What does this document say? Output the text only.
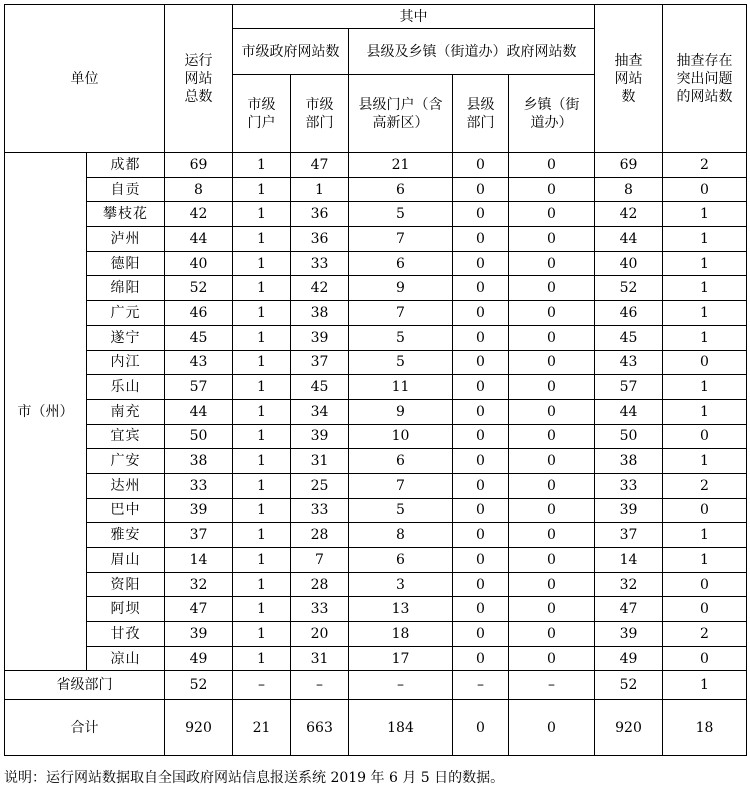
单位		运行网站总数	其中					抽查网站数	抽查存在突出问题的网站数

			市级政府网站数		县级及乡镇（街道办）政府网站数				

			市级门户	市级部门	县级门户（含高新区）	县级部门	乡镇（街道办）		

市（州）	成都	69	1	47	21	0	0	69	2
	自贡	8	1	1	6	0	0	8	0
	攀枝花	42	1	36	5	0	0	42	1
	泸州	44	1	36	7	0	0	44	1
	德阳	40	1	33	6	0	0	40	1
	绵阳	52	1	42	9	0	0	52	1
	广元	46	1	38	7	0	0	46	1
	遂宁	45	1	39	5	0	0	45	1
	内江	43	1	37	5	0	0	43	0
	乐山	57	1	45	11	0	0	57	1
	南充	44	1	34	9	0	0	44	1
	宜宾	50	1	39	10	0	0	50	0
	广安	38	1	31	6	0	0	38	1
	达州	33	1	25	7	0	0	33	2
	巴中	39	1	33	5	0	0	39	0
	雅安	37	1	28	8	0	0	37	1
	眉山	14	1	7	6	0	0	14	1
	资阳	32	1	28	3	0	0	32	0
	阿坝	47	1	33	13	0	0	47	0
	甘孜	39	1	20	18	0	0	39	2
	凉山	49	1	31	17	0	0	49	0
省级部门		52	–	–	–	–	–	52	1
合计		920	21	663	184	0	0	920	18
说明：运行网站数据取自全国政府网站信息报送系统 2019 年 6 月 5 日的数据。
